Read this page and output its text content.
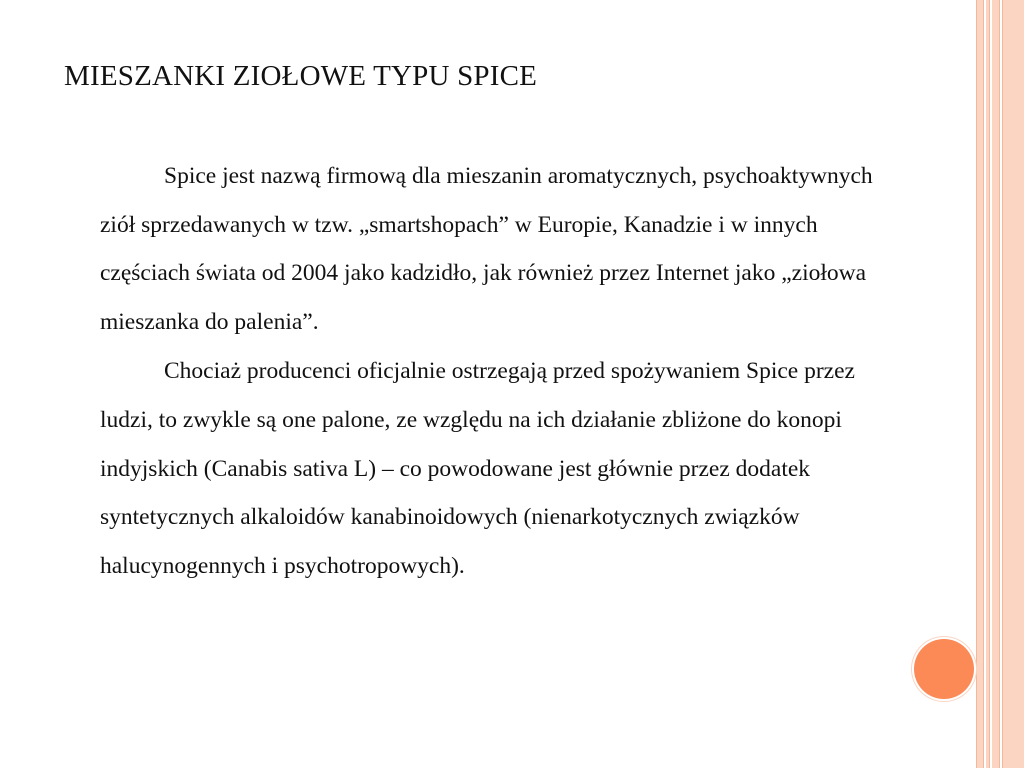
MIESZANKI ZIOŁOWE TYPU SPICE

Spice jest nazwą firmową dla mieszanin aromatycznych, psychoaktywnych ziół sprzedawanych w tzw. „smartshopach” w Europie, Kanadzie i w innych częściach świata od 2004 jako kadzidło, jak również przez Internet jako „ziołowa mieszanka do palenia”.

Chociaż producenci oficjalnie ostrzegają przed spożywaniem Spice przez ludzi, to zwykle są one palone, ze względu na ich działanie zbliżone do konopi indyjskich (Canabis sativa L) – co powodowane jest głównie przez dodatek syntetycznych alkaloidów kanabinoidowych (nienarkotycznych związków halucynogennych i psychotropowych).
